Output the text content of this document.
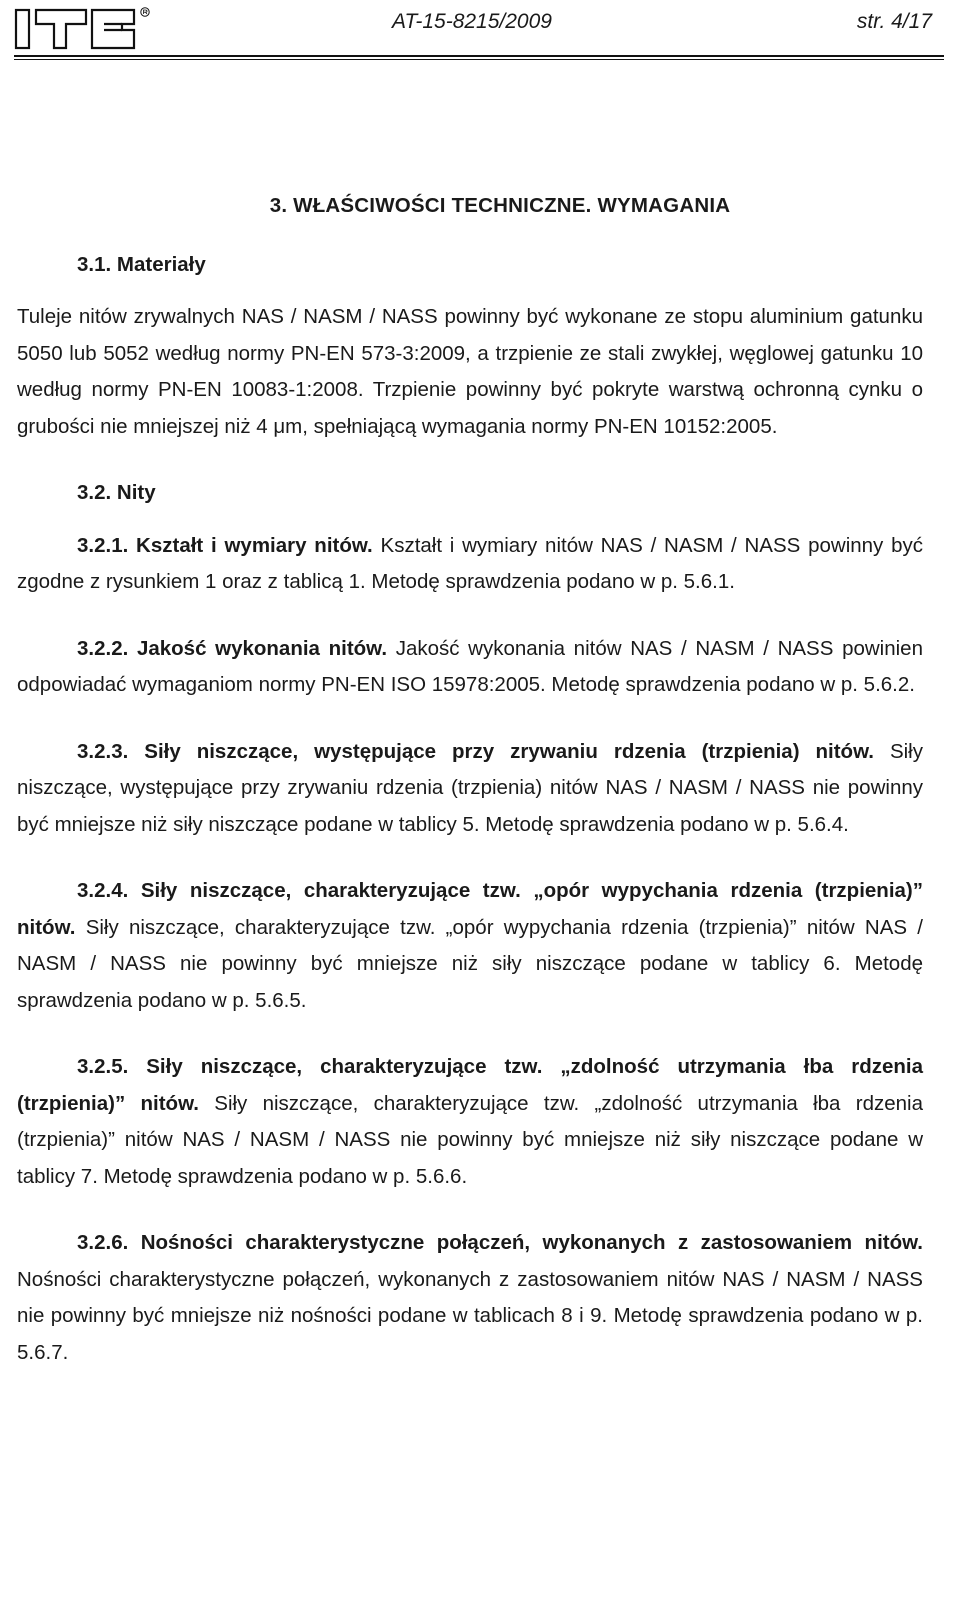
AT-15-8215/2009	str. 4/17
3. WŁAŚCIWOŚCI TECHNICZNE. WYMAGANIA
3.1. Materiały

Tuleje nitów zrywalnych NAS / NASM / NASS powinny być wykonane ze stopu aluminium gatunku 5050 lub 5052 według normy PN-EN 573-3:2009, a trzpienie ze stali zwykłej, węglowej gatunku 10 według normy PN-EN 10083-1:2008. Trzpienie powinny być pokryte warstwą ochronną cynku o grubości nie mniejszej niż 4 μm, spełniającą wymagania normy PN-EN 10152:2005.

3.2. Nity

3.2.1. Kształt i wymiary nitów. Kształt i wymiary nitów NAS / NASM / NASS powinny być zgodne z rysunkiem 1 oraz z tablicą 1. Metodę sprawdzenia podano w p. 5.6.1.

3.2.2. Jakość wykonania nitów. Jakość wykonania nitów NAS / NASM / NASS powinien odpowiadać wymaganiom normy PN-EN ISO 15978:2005. Metodę sprawdzenia podano w p. 5.6.2.

3.2.3. Siły niszczące, występujące przy zrywaniu rdzenia (trzpienia) nitów. Siły niszczące, występujące przy zrywaniu rdzenia (trzpienia) nitów NAS / NASM / NASS nie powinny być mniejsze niż siły niszczące podane w tablicy 5. Metodę sprawdzenia podano w p. 5.6.4.

3.2.4. Siły niszczące, charakteryzujące tzw. „opór wypychania rdzenia (trzpienia)” nitów. Siły niszczące, charakteryzujące tzw. „opór wypychania rdzenia (trzpienia)” nitów NAS / NASM / NASS nie powinny być mniejsze niż siły niszczące podane w tablicy 6. Metodę sprawdzenia podano w p. 5.6.5.

3.2.5. Siły niszczące, charakteryzujące tzw. „zdolność utrzymania łba rdzenia (trzpienia)” nitów. Siły niszczące, charakteryzujące tzw. „zdolność utrzymania łba rdzenia (trzpienia)” nitów NAS / NASM / NASS nie powinny być mniejsze niż siły niszczące podane w tablicy 7. Metodę sprawdzenia podano w p. 5.6.6.

3.2.6. Nośności charakterystyczne połączeń, wykonanych z zastosowaniem nitów. Nośności charakterystyczne połączeń, wykonanych z zastosowaniem nitów NAS / NASM / NASS nie powinny być mniejsze niż nośności podane w tablicach 8 i 9. Metodę sprawdzenia podano w p. 5.6.7.
